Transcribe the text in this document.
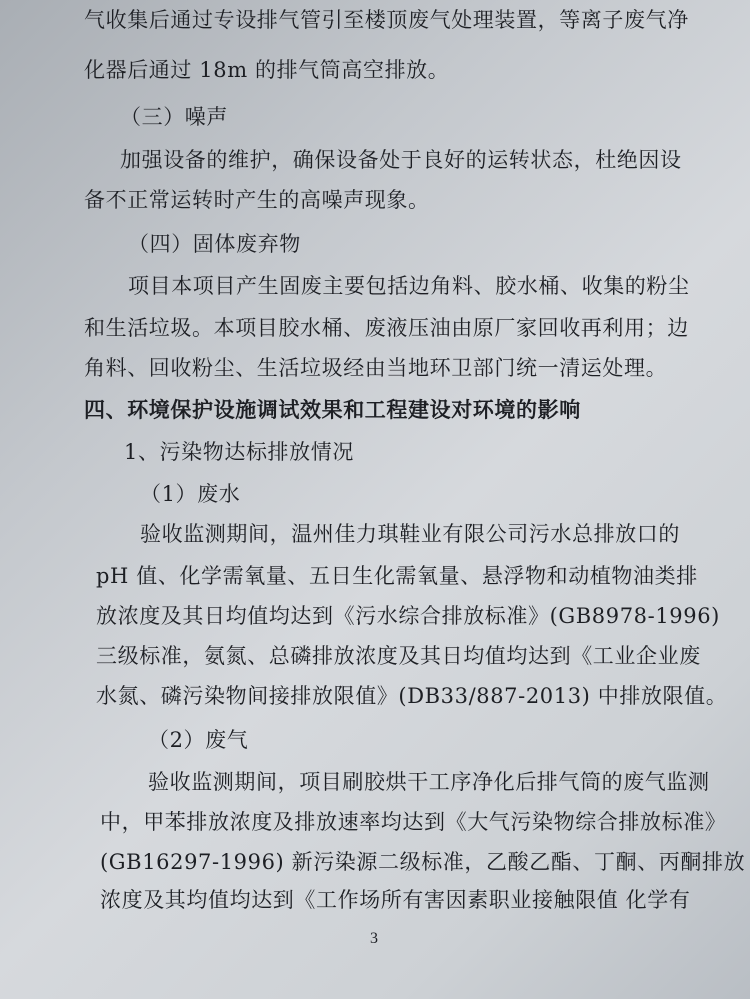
气收集后通过专设排气管引至楼顶废气处理装置，等离子废气净
化器后通过 18m 的排气筒高空排放。
（三）噪声
加强设备的维护，确保设备处于良好的运转状态，杜绝因设
备不正常运转时产生的高噪声现象。
（四）固体废弃物
项目本项目产生固废主要包括边角料、胶水桶、收集的粉尘
和生活垃圾。本项目胶水桶、废液压油由原厂家回收再利用；边
角料、回收粉尘、生活垃圾经由当地环卫部门统一清运处理。
四、环境保护设施调试效果和工程建设对环境的影响
1、污染物达标排放情况
（1）废水
验收监测期间，温州佳力琪鞋业有限公司污水总排放口的
pH 值、化学需氧量、五日生化需氧量、悬浮物和动植物油类排
放浓度及其日均值均达到《污水综合排放标准》(GB8978-1996)
三级标准，氨氮、总磷排放浓度及其日均值均达到《工业企业废
水氮、磷污染物间接排放限值》(DB33/887-2013) 中排放限值。
（2）废气
验收监测期间，项目刷胶烘干工序净化后排气筒的废气监测
中，甲苯排放浓度及排放速率均达到《大气污染物综合排放标准》
(GB16297-1996) 新污染源二级标准，乙酸乙酯、丁酮、丙酮排放
浓度及其均值均达到《工作场所有害因素职业接触限值 化学有
3
